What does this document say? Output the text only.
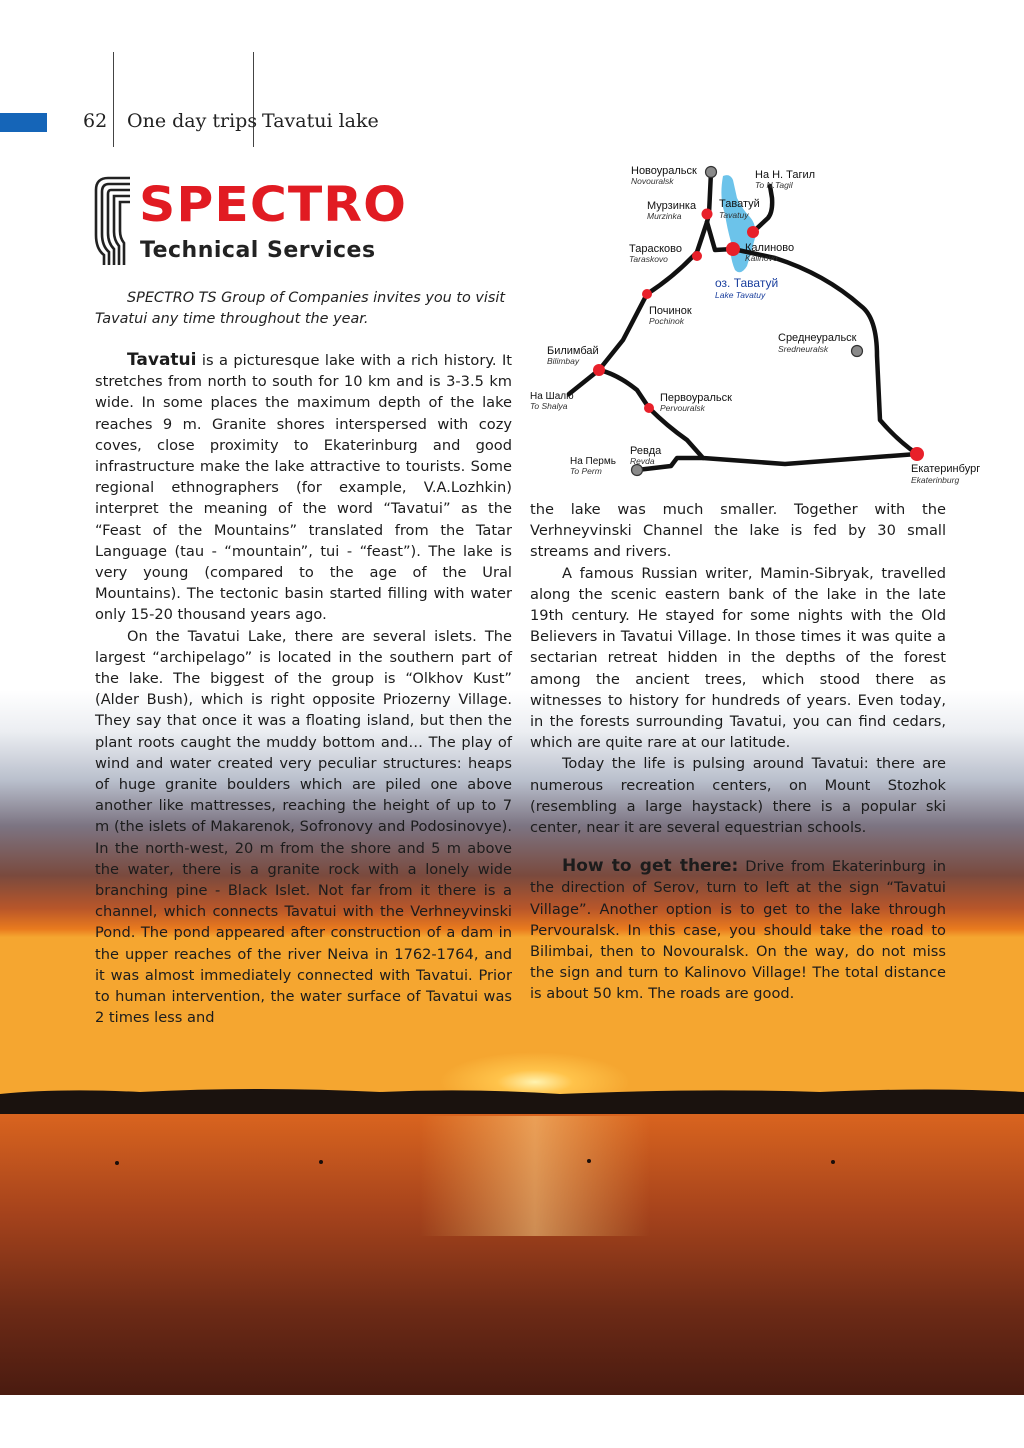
62 One day trips Tavatui lake
SPECTRO
Technical Services
SPECTRO TS Group of Companies invites you to visit Tavatui any time throughout the year.

Tavatui is a picturesque lake with a rich history. It stretches from north to south for 10 km and is 3-3.5 km wide. In some places the maximum depth of the lake reaches 9 m. Granite shores interspersed with cozy coves, close proximity to Ekaterinburg and good infrastructure make the lake attractive to tourists. Some regional ethnographers (for example, V.A.Lozhkin) interpret the meaning of the word “Tavatui” as the “Feast of the Mountains” translated from the Tatar Language (tau - “mountain”, tui - “feast”). The lake is very young (compared to the age of the Ural Mountains). The tectonic basin started filling with water only 15-20 thousand years ago.

On the Tavatui Lake, there are several islets. The largest “archipelago” is located in the southern part of the lake. The biggest of the group is “Olkhov Kust” (Alder Bush), which is right opposite Priozerny Village. They say that once it was a floating island, but then the plant roots caught the muddy bottom and… The play of wind and water created very peculiar structures: heaps of huge granite boulders which are piled one above another like mattresses, reaching the height of up to 7 m (the islets of Makarenok, Sofronovy and Podosinovye). In the north-west, 20 m from the shore and 5 m above the water, there is a granite rock with a lonely wide branching pine - Black Islet. Not far from it there is a channel, which connects Tavatui with the Verhneyvinski Pond. The pond appeared after construction of a dam in the upper reaches of the river Neiva in 1762-1764, and it was almost immediately connected with Tavatui. Prior to human intervention, the water surface of Tavatui was 2 times less and

the lake was much smaller. Together with the Verhneyvinski Channel the lake is fed by 30 small streams and rivers.

A famous Russian writer, Mamin-Sibryak, travelled along the scenic eastern bank of the lake in the late 19th century. He stayed for some nights with the Old Believers in Tavatui Village. In those times it was quite a sectarian retreat hidden in the depths of the forest among the ancient trees, which stood there as witnesses to history for hundreds of years. Even today, in the forests surrounding Tavatui, you can find cedars, which are quite rare at our latitude.

Today the life is pulsing around Tavatui: there are numerous recreation centers, on Mount Stozhok (resembling a large haystack) there is a popular ski center, near it are several equestrian schools.

How to get there: Drive from Ekaterinburg in the direction of Serov, turn to left at the sign “Tavatui Village”. Another option is to get to the lake through Pervouralsk. In this case, you should take the road to Bilimbai, then to Novouralsk. On the way, do not miss the sign and turn to Kalinovo Village! The total distance is about 50 km. The roads are good.

Новоуральск
Novouralsk	На Н. Тагил
To N.Tagil
Мурзинка
Murzinka
Таватуй
Tavatuy
Тарасково
Taraskovo
Калиново
Kalinovo
оз. Таватуй
Lake Tavatuy
Починок
Pochinok
Среднеуральск
Sredneuralsk
Билимбай
Bilimbay
На Шалю
To Shalya
Первоуральск
Pervouralsk
Ревда
Revda
На Пермь
To Perm	Екатеринбург
Ekaterinburg
